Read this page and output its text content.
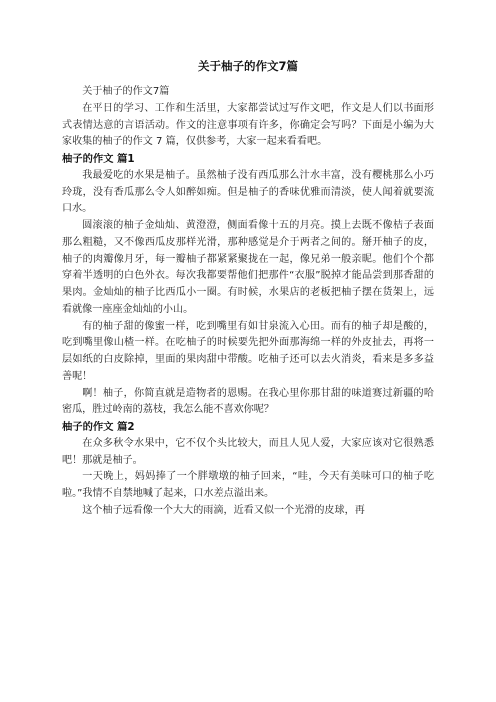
关于柚子的作文7篇

关于柚子的作文7篇

在平日的学习、工作和生活里，大家都尝试过写作文吧，作文是人们以书面形式表情达意的言语活动。作文的注意事项有许多，你确定会写吗？下面是小编为大家收集的柚子的作文 7 篇，仅供参考，大家一起来看看吧。

柚子的作文 篇1

我最爱吃的水果是柚子。虽然柚子没有西瓜那么汁水丰富，没有樱桃那么小巧玲珑，没有香瓜那么令人如醉如痴。但是柚子的香味优雅而清淡，使人闻着就要流口水。

圆滚滚的柚子金灿灿、黄澄澄，侧面看像十五的月亮。摸上去既不像桔子表面那么粗糙，又不像西瓜皮那样光滑，那种感觉是介于两者之间的。掰开柚子的皮，柚子的肉瓣像月牙，每一瓣柚子都紧紧聚拢在一起，像兄弟一般亲昵。他们个个都穿着半透明的白色外衣。每次我都要帮他们把那件“衣服”脱掉才能品尝到那香甜的果肉。金灿灿的柚子比西瓜小一圈。有时候，水果店的老板把柚子摆在货架上，远看就像一座座金灿灿的小山。

有的柚子甜的像蜜一样，吃到嘴里有如甘泉流入心田。而有的柚子却是酸的，吃到嘴里像山楂一样。在吃柚子的时候要先把外面那海绵一样的外皮扯去，再将一层如纸的白皮除掉，里面的果肉甜中带酸。吃柚子还可以去火消炎，看来是多多益善呢！

啊！柚子，你简直就是造物者的恩赐。在我心里你那甘甜的味道赛过新疆的哈密瓜，胜过岭南的荔枝，我怎么能不喜欢你呢？

柚子的作文 篇2

在众多秋令水果中，它不仅个头比较大，而且人见人爱，大家应该对它很熟悉吧！那就是柚子。

一天晚上，妈妈捧了一个胖墩墩的柚子回来，“哇，今天有美味可口的柚子吃啦。”我情不自禁地喊了起来，口水差点溢出来。

这个柚子远看像一个大大的雨滴，近看又似一个光滑的皮球，再
